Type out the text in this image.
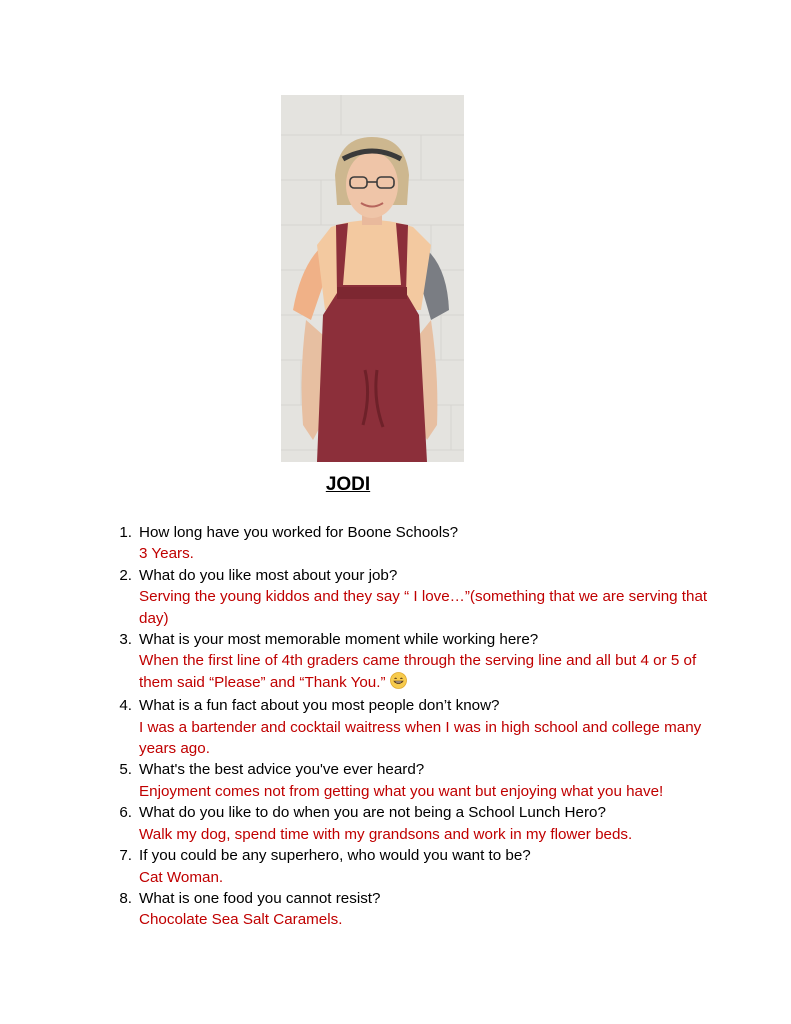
JODI
1. How long have you worked for Boone Schools?
3 Years.
2. What do you like most about your job?
Serving the young kiddos and they say “ I love…”(something that we are serving that day)
3. What is your most memorable moment while working here?
When the first line of 4th graders came through the serving line and all but 4 or 5 of them said “Please” and “Thank You.”
4. What is a fun fact about you most people don’t know?
I was a bartender and cocktail waitress when I was in high school and college many years ago.
5. What's the best advice you've ever heard?
Enjoyment comes not from getting what you want but enjoying what you have!
6. What do you like to do when you are not being a School Lunch Hero?
Walk my dog, spend time with my grandsons and work in my flower beds.
7. If you could be any superhero, who would you want to be?
Cat Woman.
8. What is one food you cannot resist?
Chocolate Sea Salt Caramels.
